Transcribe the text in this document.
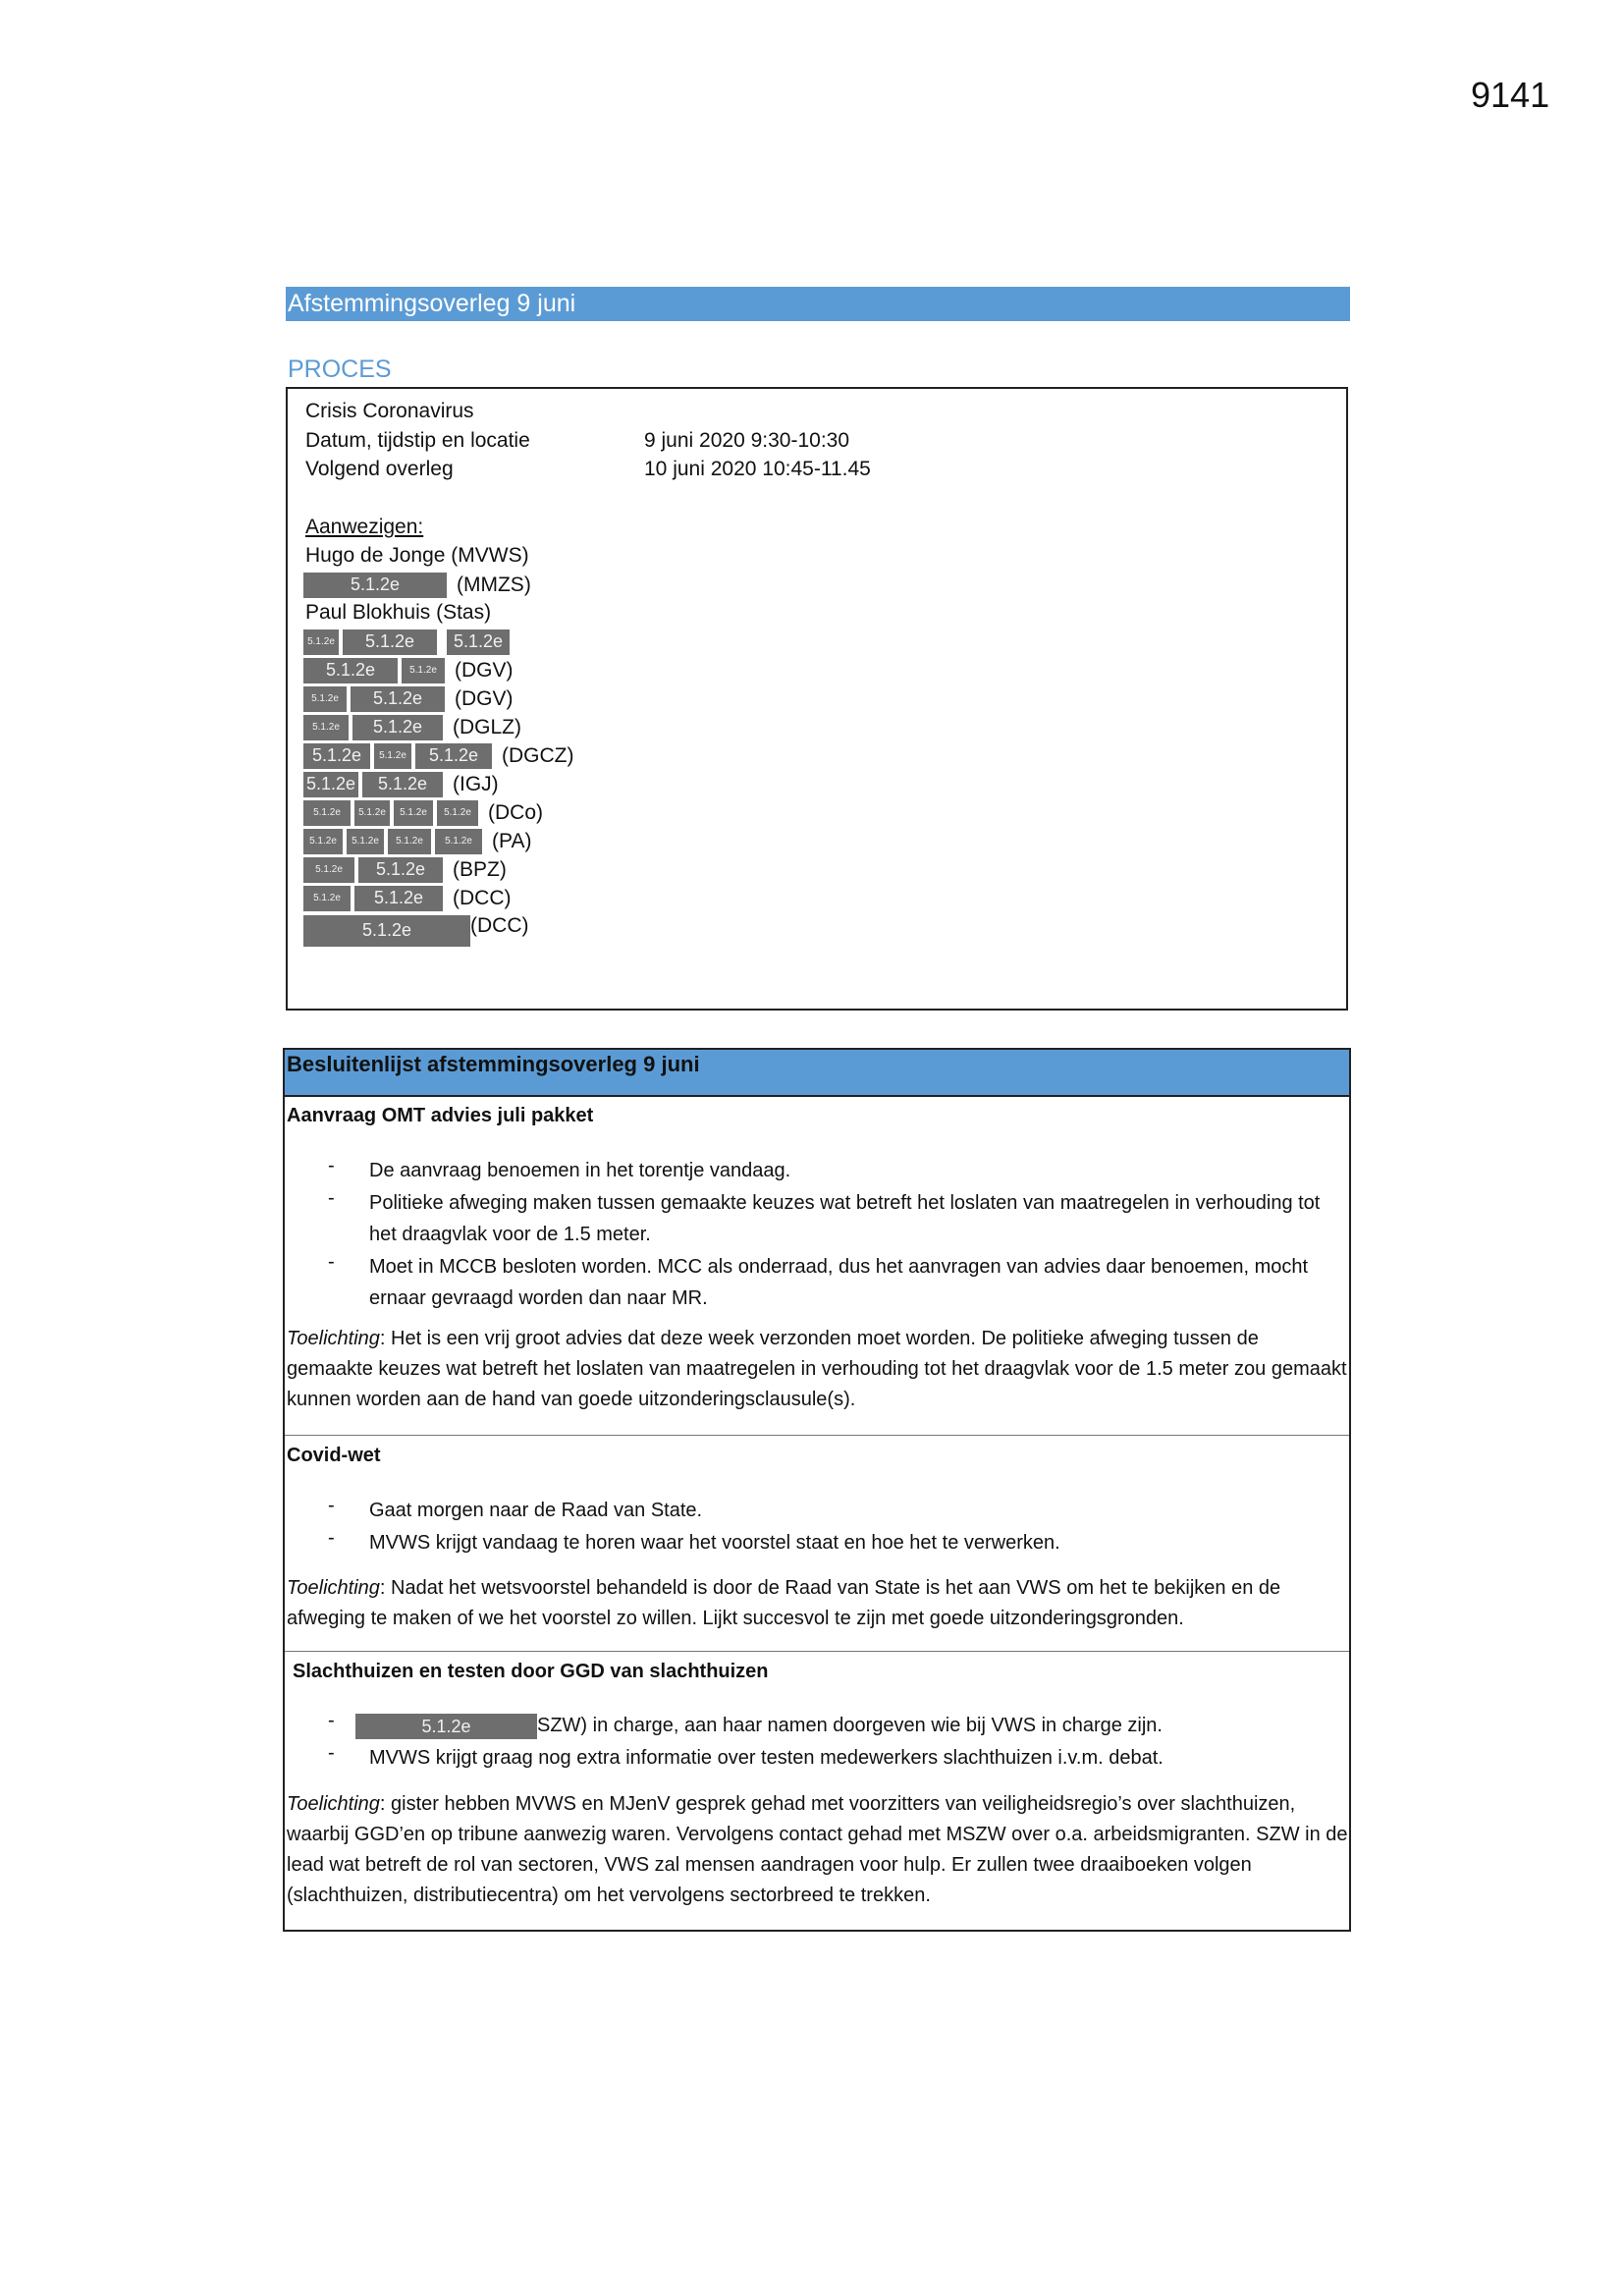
9141
Afstemmingsoverleg 9 juni
PROCES
Crisis Coronavirus
Datum, tijdstip en locatie	9 juni 2020 9:30-10:30
Volgend overleg	10 juni 2020 10:45-11.45
Aanwezigen:
Hugo de Jonge (MVWS)
5.1.2e	(MMZS)
Paul Blokhuis (Stas)
5.1.2e	5.1.2e	5.1.2e
5.1.2e	5.1.2e (DGV)
5.1.2e	5.1.2e	(DGV)
5.1.2e	5.1.2e	(DGLZ)
5.1.2e	5.1.2e	5.1.2e	(DGCZ)
5.1.2e	5.1.2e	(IGJ)
5.1.2e	5.1.2e	5.1.2e	5.1.2e (DCo)
5.1.2e	5.1.2e	5.1.2e	5.1.2e (PA)
5.1.2e	5.1.2e	(BPZ)
5.1.2e	5.1.2e	(DCC)
5.1.2e	(DCC)
Besluitenlijst afstemmingsoverleg 9 juni
Aanvraag OMT advies juli pakket
- De aanvraag benoemen in het torentje vandaag.
- Politieke afweging maken tussen gemaakte keuzes wat betreft het loslaten van maatregelen in verhouding tot het draagvlak voor de 1.5 meter.
- Moet in MCCB besloten worden. MCC als onderraad, dus het aanvragen van advies daar benoemen, mocht ernaar gevraagd worden dan naar MR.
Toelichting: Het is een vrij groot advies dat deze week verzonden moet worden. De politieke afweging tussen de gemaakte keuzes wat betreft het loslaten van maatregelen in verhouding tot het draagvlak voor de 1.5 meter zou gemaakt kunnen worden aan de hand van goede uitzonderingsclausule(s).
Covid-wet
- Gaat morgen naar de Raad van State.
- MVWS krijgt vandaag te horen waar het voorstel staat en hoe het te verwerken.
Toelichting: Nadat het wetsvoorstel behandeld is door de Raad van State is het aan VWS om het te bekijken en de afweging te maken of we het voorstel zo willen. Lijkt succesvol te zijn met goede uitzonderingsgronden.
Slachthuizen en testen door GGD van slachthuizen
-	5.1.2e	SZW) in charge, aan haar namen doorgeven wie bij VWS in charge zijn.
- MVWS krijgt graag nog extra informatie over testen medewerkers slachthuizen i.v.m. debat.
Toelichting: gister hebben MVWS en MJenV gesprek gehad met voorzitters van veiligheidsregio’s over slachthuizen, waarbij GGD’en op tribune aanwezig waren. Vervolgens contact gehad met MSZW over o.a. arbeidsmigranten. SZW in de lead wat betreft de rol van sectoren, VWS zal mensen aandragen voor hulp. Er zullen twee draaiboeken volgen (slachthuizen, distributiecentra) om het vervolgens sectorbreed te trekken.
